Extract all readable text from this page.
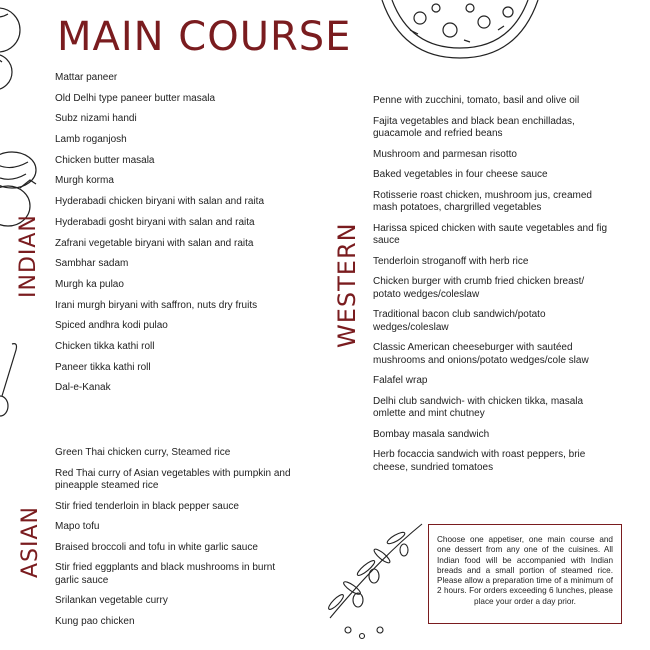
MAIN COURSE
INDIAN
ASIAN
WESTERN
Mattar paneer
Old Delhi type paneer butter masala
Subz nizami handi
Lamb roganjosh
Chicken butter masala
Murgh korma
Hyderabadi chicken biryani with salan and raita
Hyderabadi gosht biryani with salan and raita
Zafrani vegetable biryani with salan and raita
Sambhar sadam
Murgh ka pulao
Irani murgh biryani with saffron, nuts dry fruits
Spiced andhra kodi pulao
Chicken tikka kathi roll
Paneer tikka kathi roll
Dal-e-Kanak
Green Thai chicken curry, Steamed rice
Red Thai curry of Asian vegetables with pumpkin and pineapple steamed rice
Stir fried tenderloin in black pepper sauce
Mapo tofu
Braised broccoli and tofu in white garlic sauce
Stir fried eggplants and black mushrooms in burnt garlic sauce
Srilankan vegetable curry
Kung pao chicken
Penne with zucchini, tomato, basil and olive oil
Fajita vegetables and black bean enchilladas, guacamole and refried beans
Mushroom and parmesan risotto
Baked vegetables in four cheese sauce
Rotisserie roast chicken, mushroom jus, creamed mash potatoes, chargrilled vegetables
Harissa spiced chicken with saute vegetables and fig sauce
Tenderloin stroganoff with herb rice
Chicken burger with crumb fried chicken breast/ potato wedges/coleslaw
Traditional bacon club sandwich/potato wedges/coleslaw
Classic American cheeseburger with sautéed mushrooms and onions/potato wedges/cole slaw
Falafel wrap
Delhi club sandwich- with chicken tikka, masala omlette and mint chutney
Bombay masala sandwich
Herb focaccia sandwich with roast peppers, brie cheese, sundried tomatoes
Choose one appetiser, one main course and one dessert from any one of the cuisines. All Indian food will be accompanied with Indian breads and a small portion of steamed rice. Please allow a preparation time of a minimum of 2 hours. For orders exceeding 6 lunches, please place your order a day prior.
